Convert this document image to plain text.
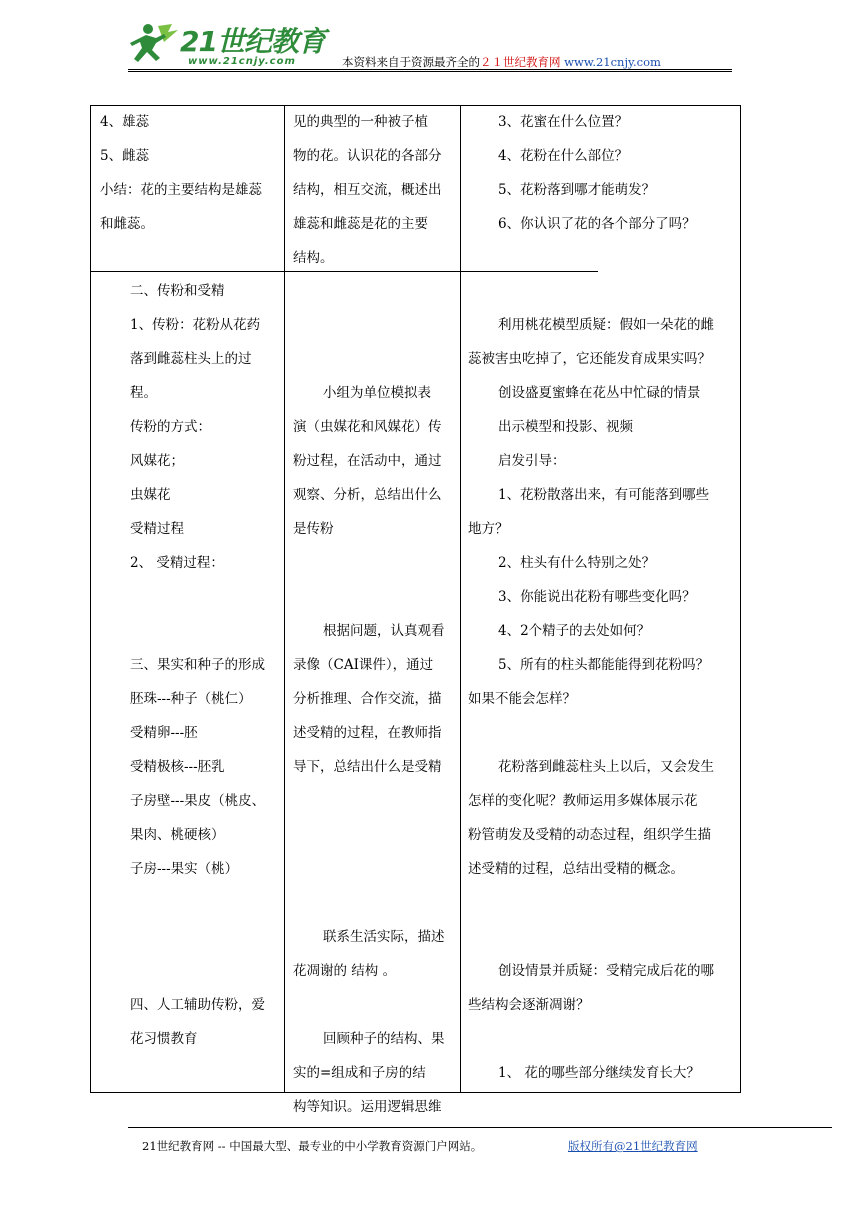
21世纪教育
www.21cnjy.com	本资料来自于资源最齐全的２１世纪教育网 www.21cnjy.com

4、雄蕊

5、雌蕊

小结：花的主要结构是雄蕊

和雌蕊。

见的典型的一种被子植

物的花。认识花的各部分

结构，相互交流，概述出

雄蕊和雌蕊是花的主要

结构。

3、花蜜在什么位置？

4、花粉在什么部位？

5、花粉落到哪才能萌发？

6、你认识了花的各个部分了吗？

二、传粉和受精

1、传粉：花粉从花药

落到雌蕊柱头上的过

程。

传粉的方式：

风媒花；

虫媒花

受精过程

2、 受精过程：

三、果实和种子的形成

胚珠---种子（桃仁）

受精卵---胚

受精极核---胚乳

子房壁---果皮（桃皮、

果肉、桃硬核）

子房---果实（桃）

四、人工辅助传粉，爱

花习惯教育

小组为单位模拟表

演（虫媒花和风媒花）传

粉过程，在活动中，通过

观察、分析，总结出什么

是传粉

根据问题，认真观看

录像（CAI课件），通过

分析推理、合作交流，描

述受精的过程，在教师指

导下，总结出什么是受精

联系生活实际，描述

花凋谢的 结构 。

回顾种子的结构、果

实的=组成和子房的结

构等知识。运用逻辑思维

利用桃花模型质疑：假如一朵花的雌

蕊被害虫吃掉了，它还能发育成果实吗？

创设盛夏蜜蜂在花丛中忙碌的情景

出示模型和投影、视频

启发引导：

1、花粉散落出来，有可能落到哪些

地方？

2、柱头有什么特别之处？

3、你能说出花粉有哪些变化吗？

4、2个精子的去处如何？

5、所有的柱头都能能得到花粉吗？

如果不能会怎样？

花粉落到雌蕊柱头上以后，又会发生

怎样的变化呢？教师运用多媒体展示花

粉管萌发及受精的动态过程，组织学生描

述受精的过程，总结出受精的概念。

创设情景并质疑：受精完成后花的哪

些结构会逐渐凋谢？

1、 花的哪些部分继续发育长大？

21世纪教育网 -- 中国最大型、最专业的中小学教育资源门户网站。	版权所有@21世纪教育网
